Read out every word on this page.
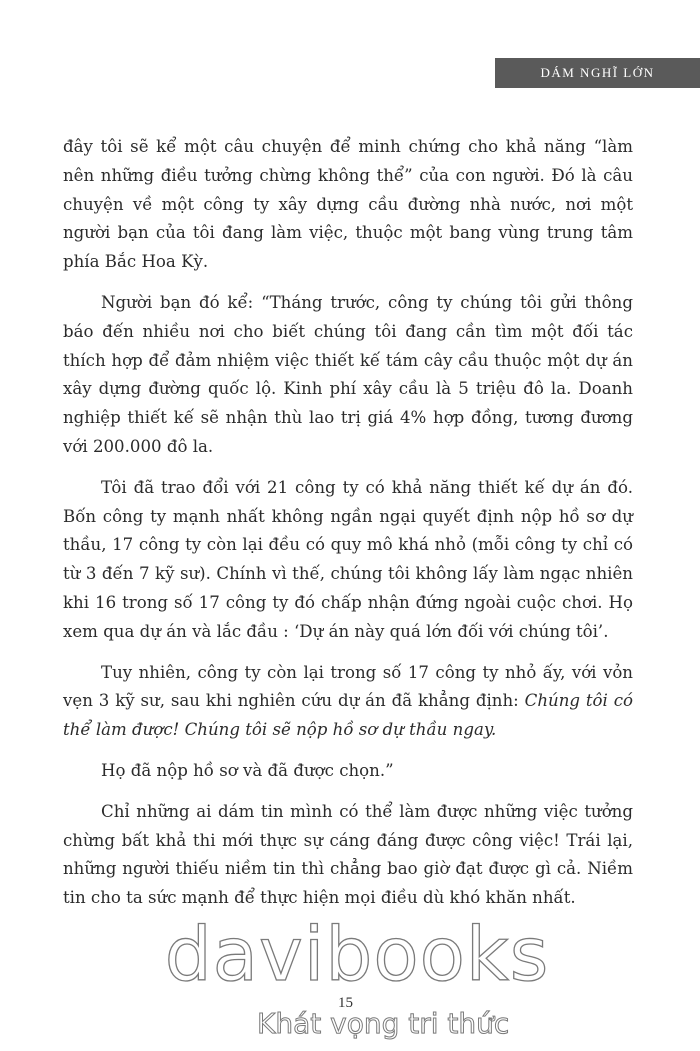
DÁM NGHĨ LỚN

đây tôi sẽ kể một câu chuyện để minh chứng cho khả năng “làm nên những điều tưởng chừng không thể” của con người. Đó là câu chuyện về một công ty xây dựng cầu đường nhà nước, nơi một người bạn của tôi đang làm việc, thuộc một bang vùng trung tâm phía Bắc Hoa Kỳ.

Người bạn đó kể: “Tháng trước, công ty chúng tôi gửi thông báo đến nhiều nơi cho biết chúng tôi đang cần tìm một đối tác thích hợp để đảm nhiệm việc thiết kế tám cây cầu thuộc một dự án xây dựng đường quốc lộ. Kinh phí xây cầu là 5 triệu đô la. Doanh nghiệp thiết kế sẽ nhận thù lao trị giá 4% hợp đồng, tương đương với 200.000 đô la.

Tôi đã trao đổi với 21 công ty có khả năng thiết kế dự án đó. Bốn công ty mạnh nhất không ngần ngại quyết định nộp hồ sơ dự thầu, 17 công ty còn lại đều có quy mô khá nhỏ (mỗi công ty chỉ có từ 3 đến 7 kỹ sư). Chính vì thế, chúng tôi không lấy làm ngạc nhiên khi 16 trong số 17 công ty đó chấp nhận đứng ngoài cuộc chơi. Họ xem qua dự án và lắc đầu : ‘Dự án này quá lớn đối với chúng tôi’.

Tuy nhiên, công ty còn lại trong số 17 công ty nhỏ ấy, với vỏn vẹn 3 kỹ sư, sau khi nghiên cứu dự án đã khẳng định: Chúng tôi có thể làm được! Chúng tôi sẽ nộp hồ sơ dự thầu ngay.

Họ đã nộp hồ sơ và đã được chọn.”

Chỉ những ai dám tin mình có thể làm được những việc tưởng chừng bất khả thi mới thực sự cáng đáng được công việc! Trái lại, những người thiếu niềm tin thì chẳng bao giờ đạt được gì cả. Niềm tin cho ta sức mạnh để thực hiện mọi điều dù khó khăn nhất.

davibooks
Khát vọng tri thức
15
